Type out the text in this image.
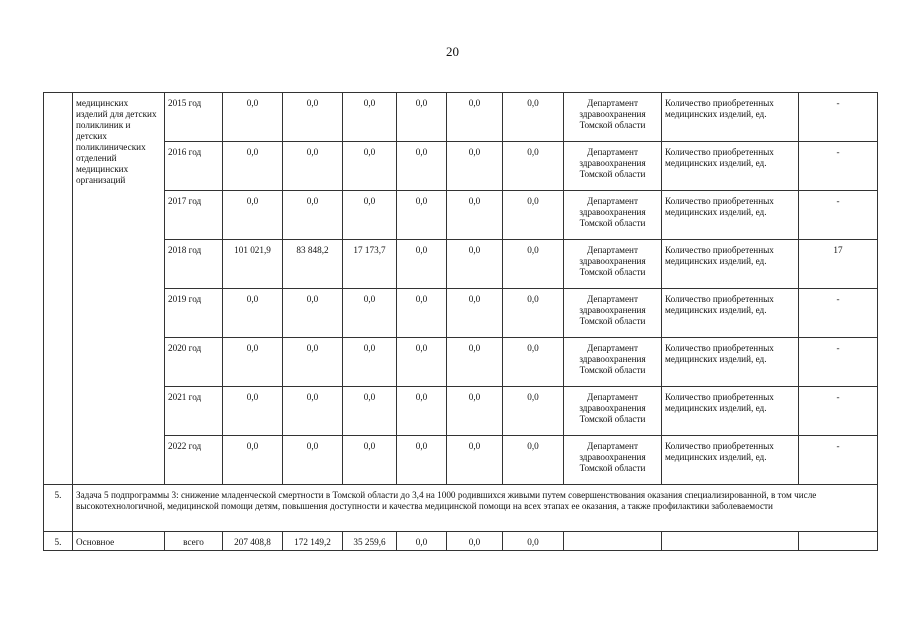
20
	медицинских изделий для детских поликлиник и детских поликлинических отделений медицинских организаций	2015 год	0,0	0,0	0,0	0,0	0,0	0,0	Департамент здравоохранения Томской области	Количество приобретенных медицинских изделий, ед.	-
		2016 год	0,0	0,0	0,0	0,0	0,0	0,0	Департамент здравоохранения Томской области	Количество приобретенных медицинских изделий, ед.	-
		2017 год	0,0	0,0	0,0	0,0	0,0	0,0	Департамент здравоохранения Томской области	Количество приобретенных медицинских изделий, ед.	-
		2018 год	101 021,9	83 848,2	17 173,7	0,0	0,0	0,0	Департамент здравоохранения Томской области	Количество приобретенных медицинских изделий, ед.	17
		2019 год	0,0	0,0	0,0	0,0	0,0	0,0	Департамент здравоохранения Томской области	Количество приобретенных медицинских изделий, ед.	-
		2020 год	0,0	0,0	0,0	0,0	0,0	0,0	Департамент здравоохранения Томской области	Количество приобретенных медицинских изделий, ед.	-
		2021 год	0,0	0,0	0,0	0,0	0,0	0,0	Департамент здравоохранения Томской области	Количество приобретенных медицинских изделий, ед.	-
		2022 год	0,0	0,0	0,0	0,0	0,0	0,0	Департамент здравоохранения Томской области	Количество приобретенных медицинских изделий, ед.	-
5.	Задача 5 подпрограммы 3: снижение младенческой смертности в Томской области до 3,4 на 1000 родившихся живыми путем совершенствования оказания специализированной, в том числе высокотехнологичной, медицинской помощи детям, повышения доступности и качества медицинской помощи на всех этапах ее оказания, а также профилактики заболеваемости										
5.	Основное	всего	207 408,8	172 149,2	35 259,6	0,0	0,0	0,0			
